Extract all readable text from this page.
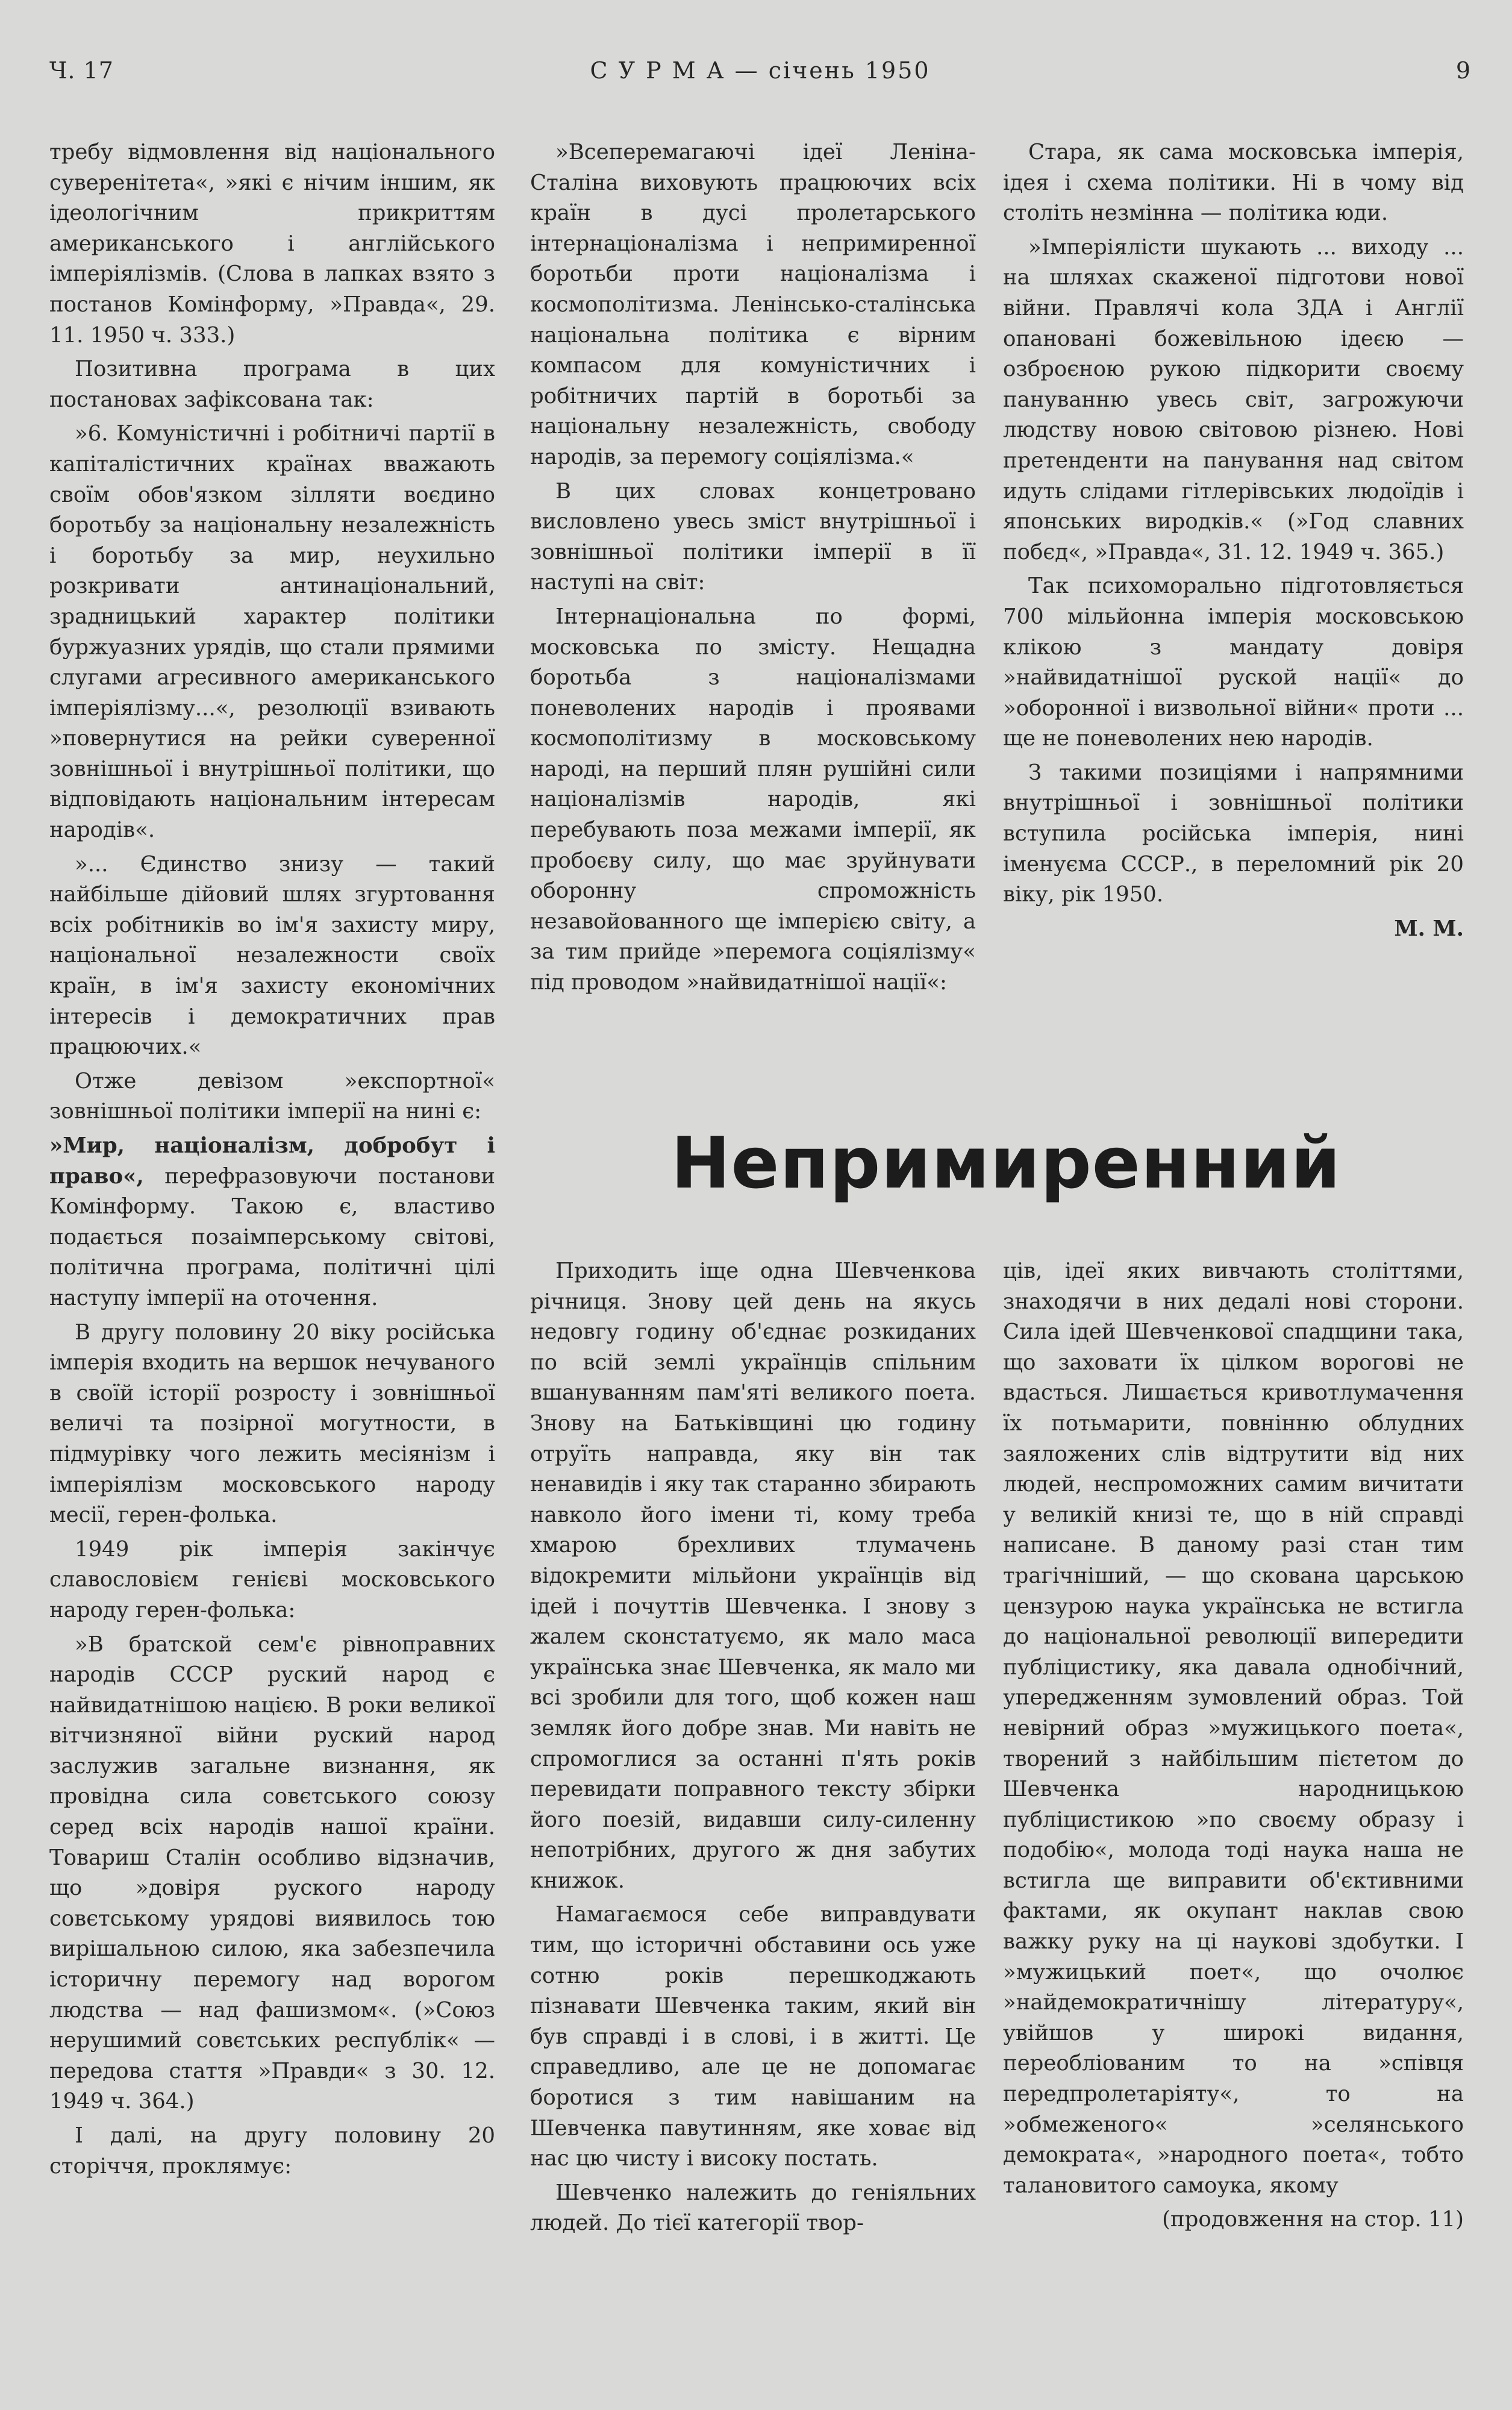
Ч. 17	С У Р М А — січень 1950	9

требу відмовлення від національного суверенітета«, »які є нічим іншим, як ідеологічним прикриттям американського і англійського імперіялізмів. (Слова в лапках взято з постанов Комінформу, »Правда«, 29. 11. 1950 ч. 333.)

Позитивна програма в цих постановах зафіксована так:

»6. Комуністичні і робітничі партії в капіталістичних країнах вважають своїм обов'язком зілляти воєдино боротьбу за національну незалежність і боротьбу за мир, неухильно розкривати антинаціональний, зрадницький характер політики буржуазних урядів, що стали прямими слугами агресивного американського імперіялізму...«, резолюції взивають »повернутися на рейки суверенної зовнішньої і внутрішньої політики, що відповідають національним інтересам народів«.

»... Єдинство знизу — такий найбільше дійовий шлях згуртовання всіх робітників во ім'я захисту миру, національної незалежности своїх країн, в ім'я захисту економічних інтересів і демократичних прав працюючих.«

Отже девізом »експортної« зовнішньої політики імперії на нині є:

»Мир, націоналізм, добробут і право«, перефразовуючи постанови Комінформу. Такою є, властиво подається позаімперському світові, політична програма, політичні цілі наступу імперії на оточення.

В другу половину 20 віку російська імперія входить на вершок нечуваного в своїй історії розросту і зовнішньої величі та позірної могутности, в підмурівку чого лежить месіянізм і імперіялізм московського народу месії, герен-фолька.

1949 рік імперія закінчує славословієм генієві московського народу герен-фолька:

»В братской сем'є рівноправних народів СССР руский народ є найвидатнішою нацією. В роки великої вітчизняної війни руский народ заслужив загальне визнання, як провідна сила совєтського союзу серед всіх народів нашої країни. Товариш Сталін особливо відзначив, що »довіря руского народу совєтському урядові виявилось тою вирішальною силою, яка забезпечила історичну перемогу над ворогом людства — над фашизмом«. (»Союз нерушимий совєтських республік« — передова стаття »Правди« з 30. 12. 1949 ч. 364.)

І далі, на другу половину 20 сторіччя, проклямує:

»Всеперемагаючі ідеї Леніна-Сталіна виховують працюючих всіх країн в дусі пролетарського інтернаціоналізма і непримиренної боротьби проти націоналізма і космополітизма. Ленінсько-сталінська національна політика є вірним компасом для комуністичних і робітничих партій в боротьбі за національну незалежність, свободу народів, за перемогу соціялізма.«

В цих словах концетровано висловлено увесь зміст внутрішньої і зовнішньої політики імперії в її наступі на світ:

Інтернаціональна по формі, московська по змісту. Нещадна боротьба з націоналізмами поневолених народів і проявами космополітизму в московському народі, на перший плян рушійні сили націоналізмів народів, які перебувають поза межами імперії, як пробоєву силу, що має зруйнувати оборонну спроможність незавойованного ще імперією світу, а за тим прийде »перемога соціялізму« під проводом »найвидатнішої нації«:

Стара, як сама московська імперія, ідея і схема політики. Ні в чому від століть незмінна — політика юди.

»Імперіялісти шукають ... виходу ... на шляхах скаженої підготови нової війни. Правлячі кола ЗДА і Англії опановані божевільною ідеєю — озброєною рукою підкорити своєму пануванню увесь світ, загрожуючи людству новою світовою різнею. Нові претенденти на панування над світом идуть слідами гітлерівських людоїдів і японських виродків.« (»Год славних побєд«, »Правда«, 31. 12. 1949 ч. 365.)

Так психоморально підготовляється 700 мільйонна імперія московською клікою з мандату довіря »найвидатнішої руской нації« до »оборонної і визвольної війни« проти ... ще не поневолених нею народів.

З такими позиціями і напрямними внутрішньої і зовнішньої політики вступила російська імперія, нині іменуєма СССР., в переломний рік 20 віку, рік 1950.

М. М.

Непримиренний

Приходить іще одна Шевченкова річниця. Знову цей день на якусь недовгу годину об'єднає розкиданих по всій землі українців спільним вшануванням пам'яті великого поета. Знову на Батьківщині цю годину отруїть направда, яку він так ненавидів і яку так старанно збирають навколо його імени ті, кому треба хмарою брехливих тлумачень відокремити мільйони українців від ідей і почуттів Шевченка. І знову з жалем сконстатуємо, як мало маса українська знає Шевченка, як мало ми всі зробили для того, щоб кожен наш земляк його добре знав. Ми навіть не спромоглися за останні п'ять років перевидати поправного тексту збірки його поезій, видавши силу-силенну непотрібних, другого ж дня забутих книжок.

Намагаємося себе виправдувати тим, що історичні обставини ось уже сотню років перешкоджають пізнавати Шевченка таким, який він був справді і в слові, і в житті. Це справедливо, але це не допомагає боротися з тим навішаним на Шевченка павутинням, яке ховає від нас цю чисту і високу постать.

Шевченко належить до геніяльних людей. До тієї категорії твор-

ців, ідеї яких вивчають століттями, знаходячи в них дедалі нові сторони. Сила ідей Шевченкової спадщини така, що заховати їх цілком ворогові не вдасться. Лишається кривотлумачення їх потьмарити, повнінню облудних заяложених слів відтрутити від них людей, неспроможних самим вичитати у великій книзі те, що в ній справді написане. В даному разі стан тим трагічніший, — що скована царською цензурою наука українська не встигла до національної революції випередити публіцистику, яка давала однобічний, упередженням зумовлений образ. Той невірний образ »мужицького поета«, творений з найбільшим пієтетом до Шевченка народницькою публіцистикою »по своєму образу і подобію«, молода тоді наука наша не встигла ще виправити об'єктивними фактами, як окупант наклав свою важку руку на ці наукові здобутки. І »мужицький поет«, що очолює »найдемократичнішу літературу«, увійшов у широкі видання, переобліованим то на »співця передпролетаріяту«, то на »обмеженого« »селянського демократа«, »народного поета«, тобто талановитого самоука, якому

(продовження на стор. 11)
